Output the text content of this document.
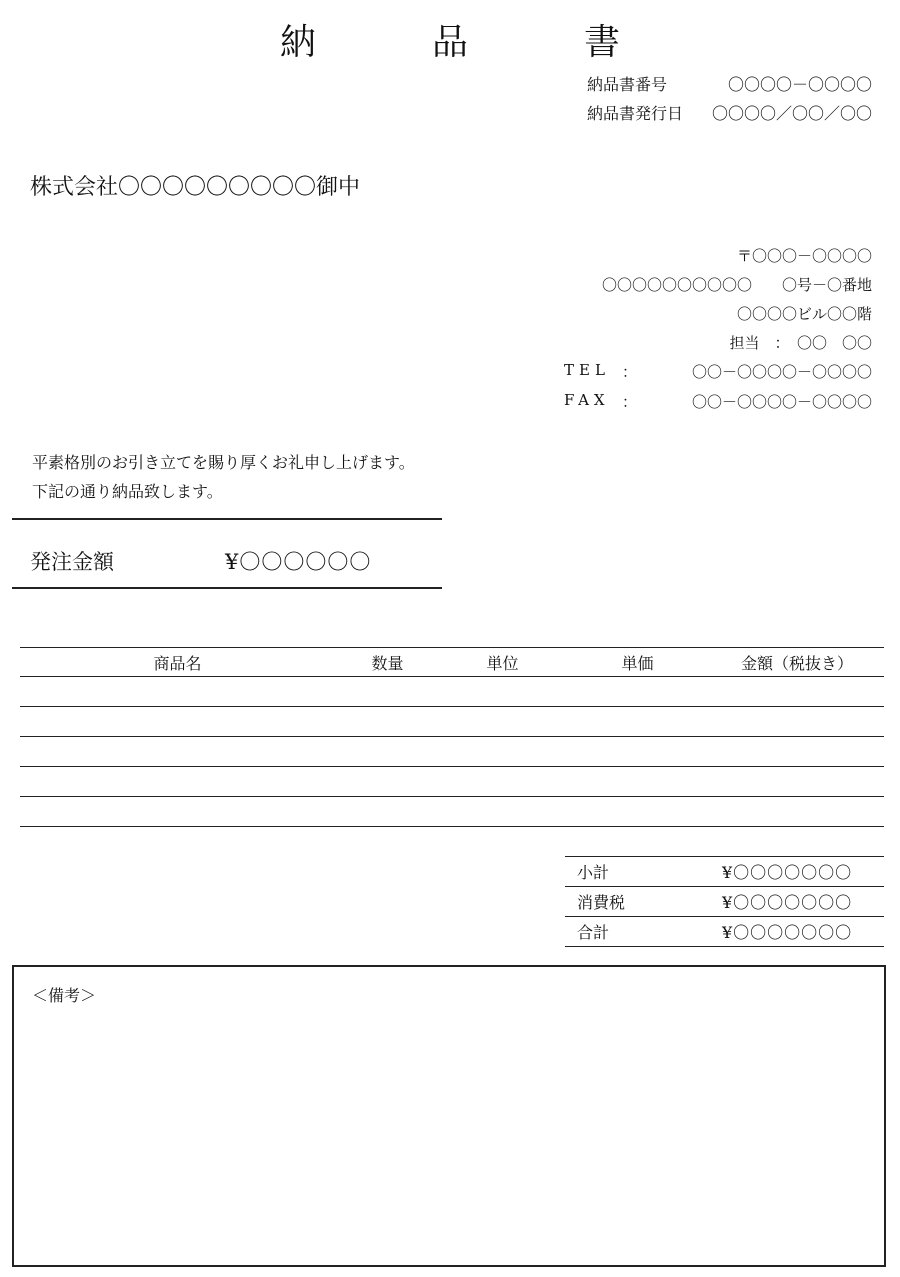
納　品　書
納品書番号	〇〇〇〇－〇〇〇〇
納品書発行日	〇〇〇〇／〇〇／〇〇
株式会社〇〇〇〇〇〇〇〇〇御中
〒〇〇〇－〇〇〇〇
〇〇〇〇〇〇〇〇〇〇　　〇号－〇番地
〇〇〇〇ビル〇〇階
担当　：　〇〇　〇〇
TEL ：	〇〇－〇〇〇〇－〇〇〇〇
FAX ：	〇〇－〇〇〇〇－〇〇〇〇
平素格別のお引き立てを賜り厚くお礼申し上げます。
下記の通り納品致します。
発注金額	¥〇〇〇〇〇〇
商品名	数量	単位	単価	金額（税抜き）

小計	¥〇〇〇〇〇〇〇
消費税	¥〇〇〇〇〇〇〇
合計	¥〇〇〇〇〇〇〇
＜備考＞
